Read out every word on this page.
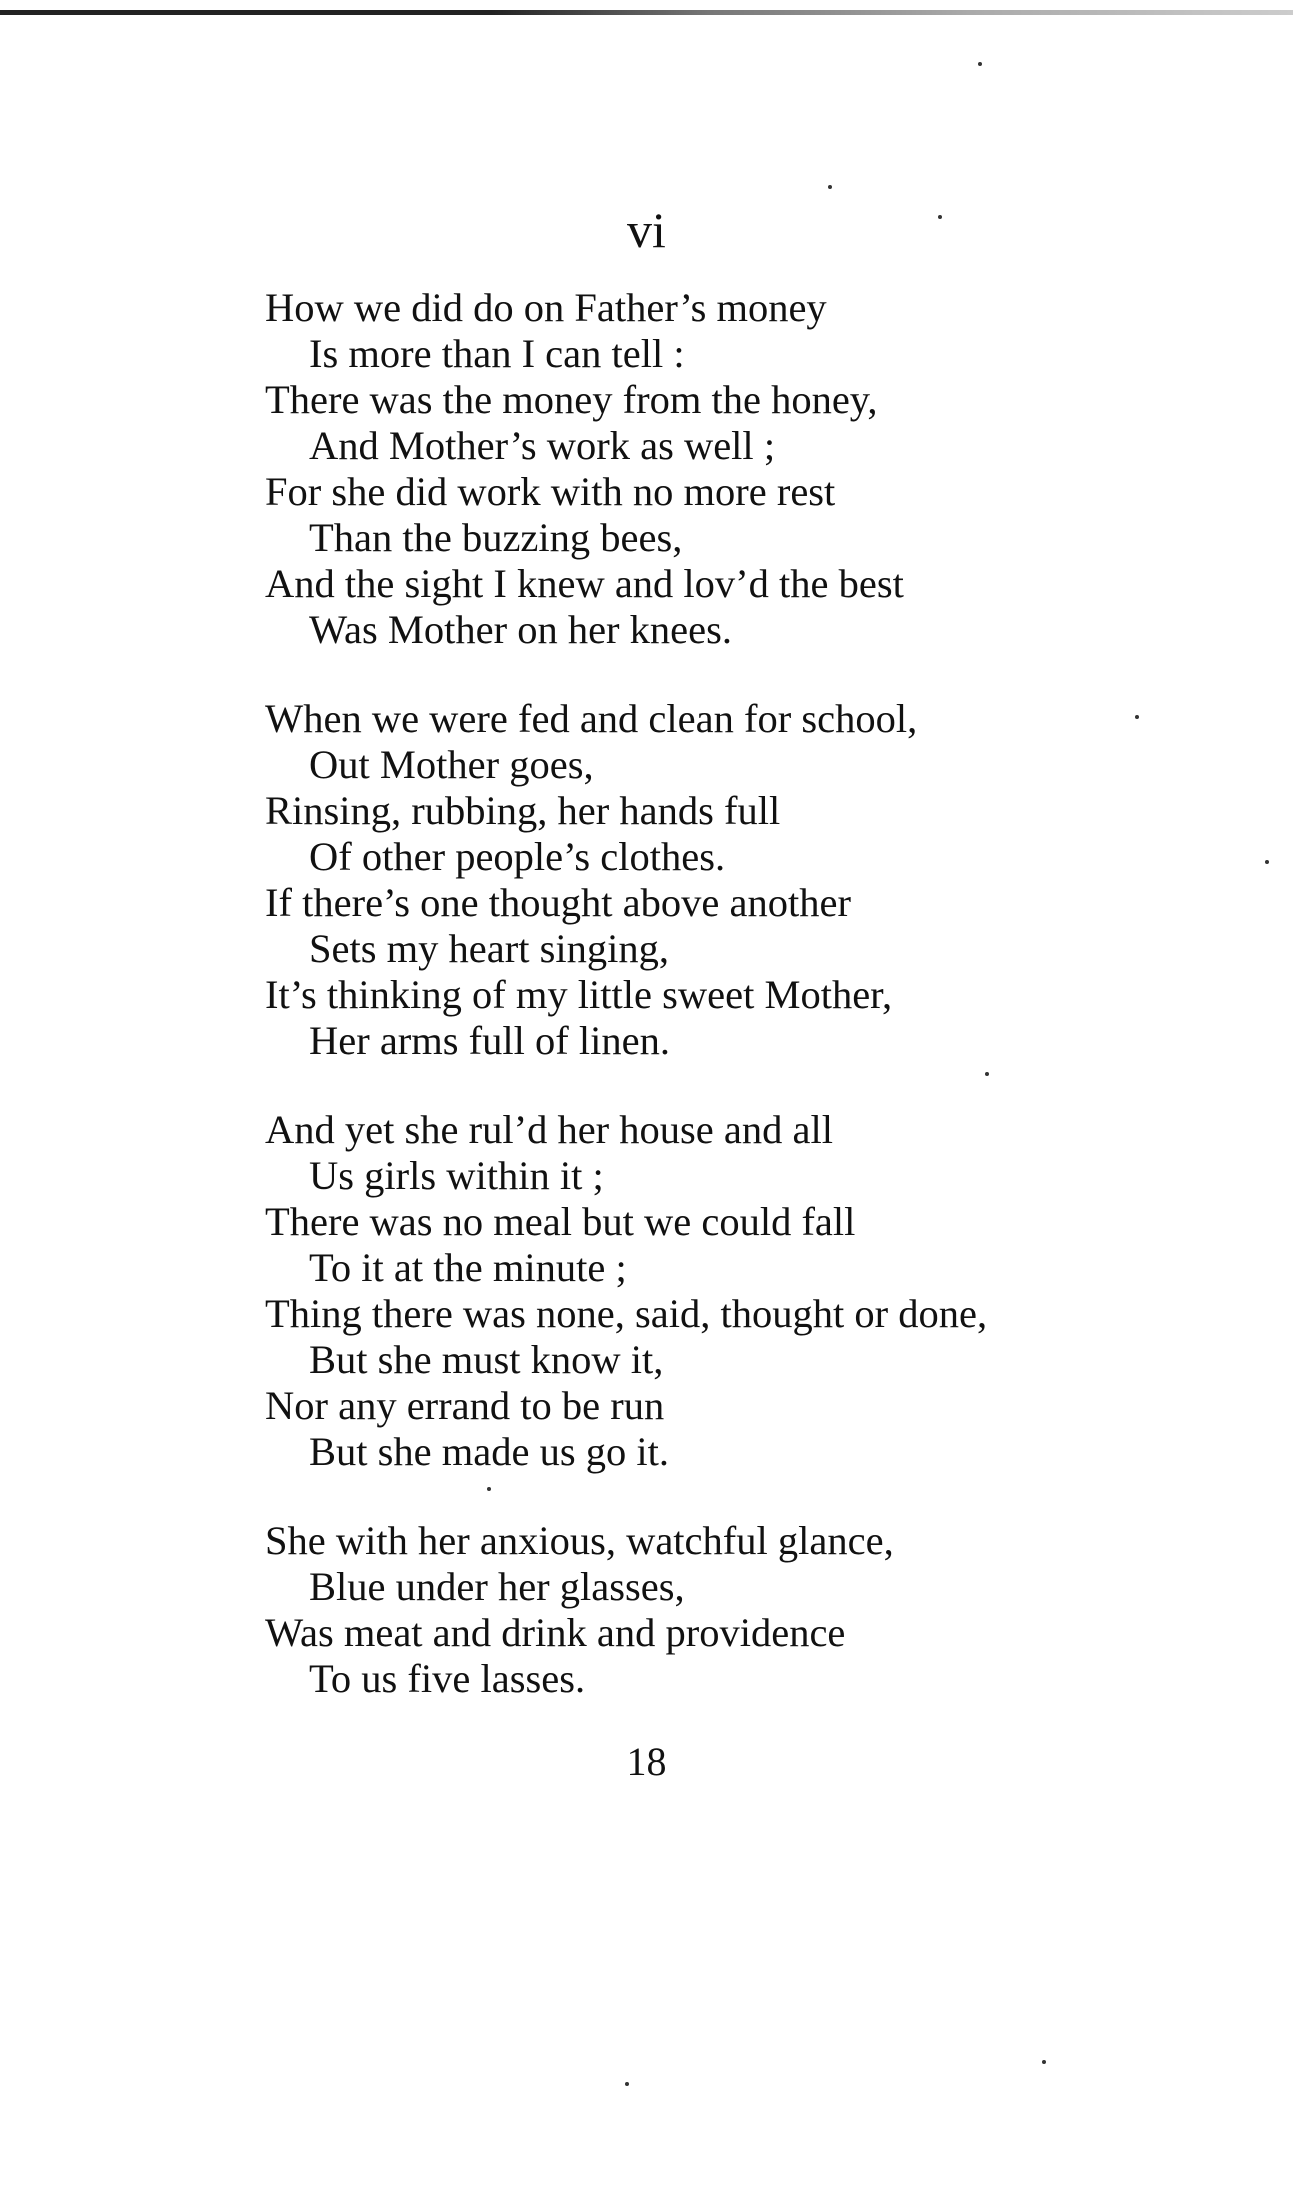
vi
How we did do on Father’s money
Is more than I can tell :
There was the money from the honey,
And Mother’s work as well ;
For she did work with no more rest
Than the buzzing bees,
And the sight I knew and lov’d the best
Was Mother on her knees.
When we were fed and clean for school,
Out Mother goes,
Rinsing, rubbing, her hands full
Of other people’s clothes.
If there’s one thought above another
Sets my heart singing,
It’s thinking of my little sweet Mother,
Her arms full of linen.
And yet she rul’d her house and all
Us girls within it ;
There was no meal but we could fall
To it at the minute ;
Thing there was none, said, thought or done,
But she must know it,
Nor any errand to be run
But she made us go it.
She with her anxious, watchful glance,
Blue under her glasses,
Was meat and drink and providence
To us five lasses.
18
